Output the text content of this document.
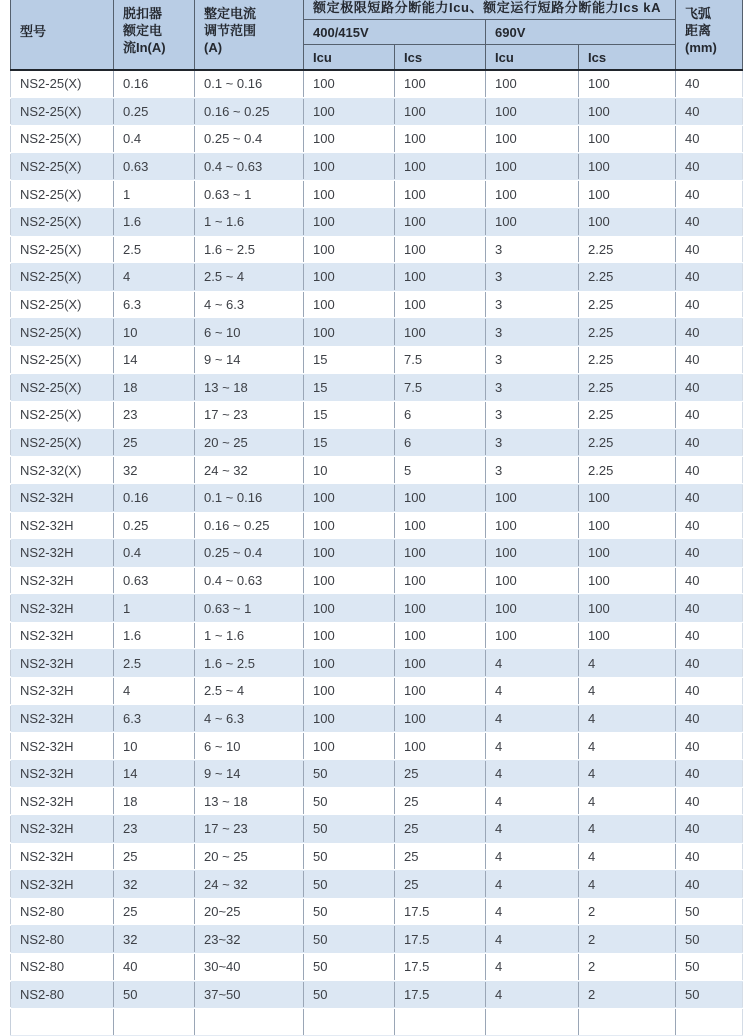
型号	脱扣器
额定电
流In(A)	整定电流
调节范围
(A)	额定极限短路分断能力Icu、额定运行短路分断能力Ics kA				飞弧
距离
(mm)
			400/415V		690V		
			Icu	Ics	Icu	Ics	
NS2-25(X)	0.16	0.1 ~ 0.16	100	100	100	100	40
NS2-25(X)	0.25	0.16 ~ 0.25	100	100	100	100	40
NS2-25(X)	0.4	0.25 ~ 0.4	100	100	100	100	40
NS2-25(X)	0.63	0.4 ~ 0.63	100	100	100	100	40
NS2-25(X)	1	0.63 ~ 1	100	100	100	100	40
NS2-25(X)	1.6	1 ~ 1.6	100	100	100	100	40
NS2-25(X)	2.5	1.6 ~ 2.5	100	100	3	2.25	40
NS2-25(X)	4	2.5 ~ 4	100	100	3	2.25	40
NS2-25(X)	6.3	4 ~ 6.3	100	100	3	2.25	40
NS2-25(X)	10	6 ~ 10	100	100	3	2.25	40
NS2-25(X)	14	9 ~ 14	15	7.5	3	2.25	40
NS2-25(X)	18	13 ~ 18	15	7.5	3	2.25	40
NS2-25(X)	23	17 ~ 23	15	6	3	2.25	40
NS2-25(X)	25	20 ~ 25	15	6	3	2.25	40
NS2-32(X)	32	24 ~ 32	10	5	3	2.25	40
NS2-32H	0.16	0.1 ~ 0.16	100	100	100	100	40
NS2-32H	0.25	0.16 ~ 0.25	100	100	100	100	40
NS2-32H	0.4	0.25 ~ 0.4	100	100	100	100	40
NS2-32H	0.63	0.4 ~ 0.63	100	100	100	100	40
NS2-32H	1	0.63 ~ 1	100	100	100	100	40
NS2-32H	1.6	1 ~ 1.6	100	100	100	100	40
NS2-32H	2.5	1.6 ~ 2.5	100	100	4	4	40
NS2-32H	4	2.5 ~ 4	100	100	4	4	40
NS2-32H	6.3	4 ~ 6.3	100	100	4	4	40
NS2-32H	10	6 ~ 10	100	100	4	4	40
NS2-32H	14	9 ~ 14	50	25	4	4	40
NS2-32H	18	13 ~ 18	50	25	4	4	40
NS2-32H	23	17 ~ 23	50	25	4	4	40
NS2-32H	25	20 ~ 25	50	25	4	4	40
NS2-32H	32	24 ~ 32	50	25	4	4	40
NS2-80	25	20~25	50	17.5	4	2	50
NS2-80	32	23~32	50	17.5	4	2	50
NS2-80	40	30~40	50	17.5	4	2	50
NS2-80	50	37~50	50	17.5	4	2	50
